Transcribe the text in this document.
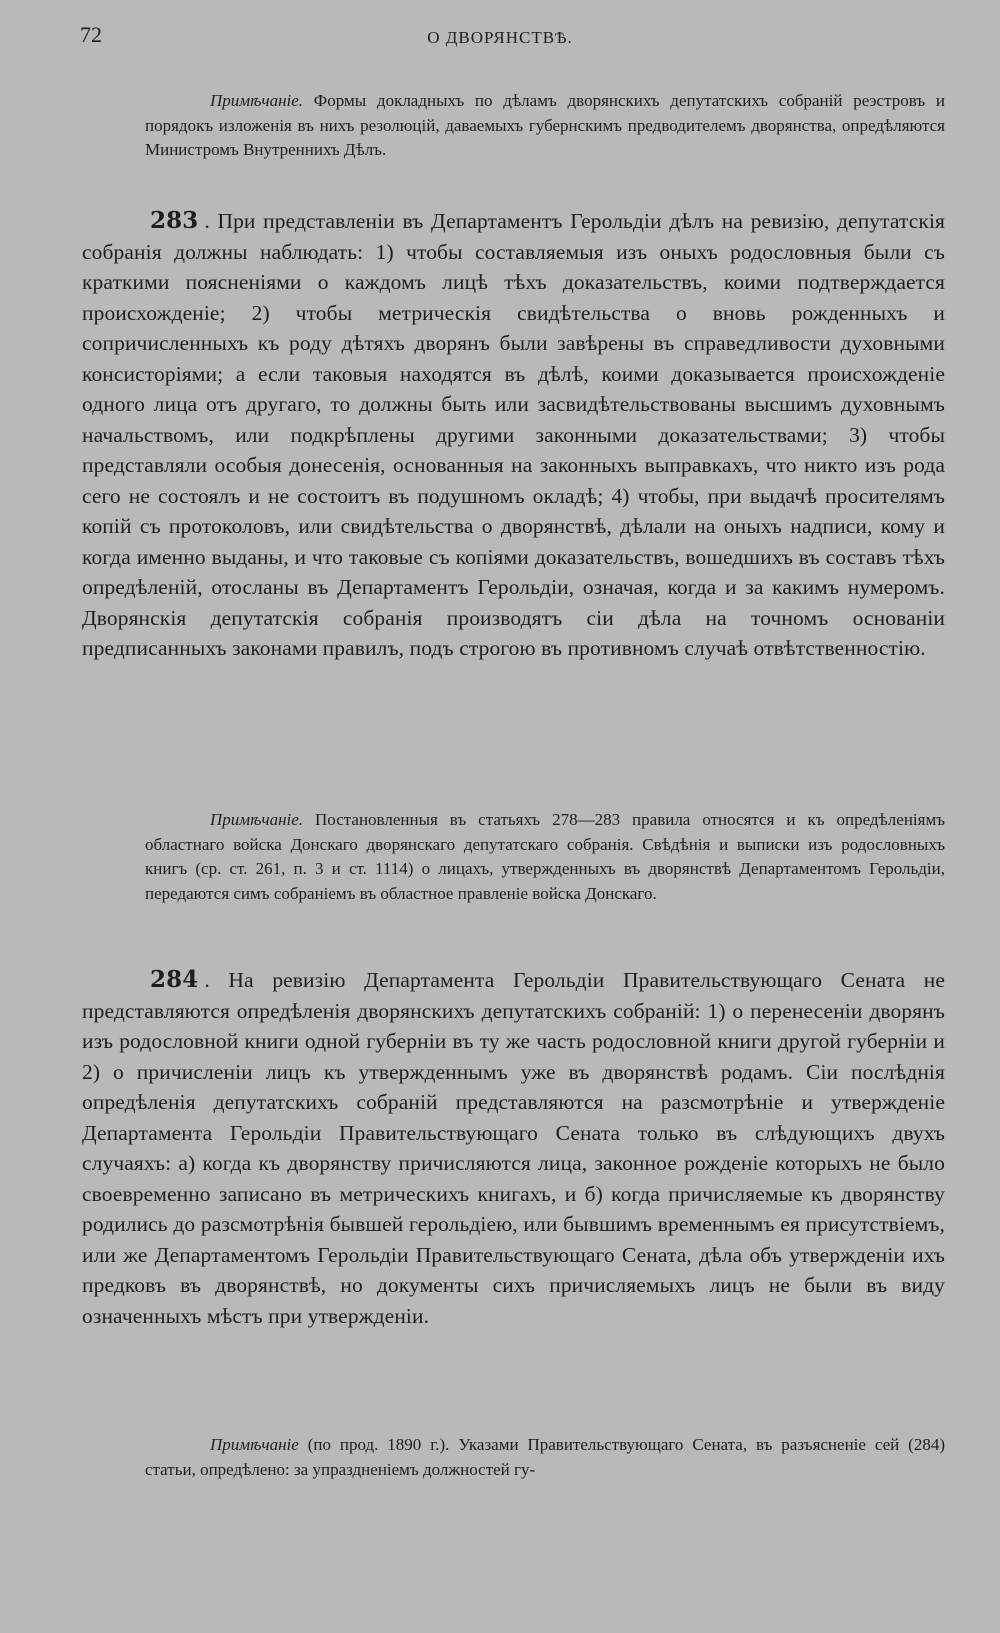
72	О ДВОРЯНСТВѢ.

Примѣчаніе. Формы докладныхъ по дѣламъ дворянскихъ депутатскихъ собраній реэстровъ и порядокъ изложенія въ нихъ резолюцій, даваемыхъ губернскимъ предводителемъ дворянства, опредѣляются Министромъ Внутреннихъ Дѣлъ.

283 . При представленіи въ Департаментъ Герольдіи дѣлъ на ревизію, депутатскія собранія должны наблюдать: 1) чтобы составляемыя изъ оныхъ родословныя были съ краткими поясненіями о каждомъ лицѣ тѣхъ доказательствъ, коими подтверждается происхожденіе; 2) чтобы метрическія свидѣтельства о вновь рожденныхъ и сопричисленныхъ къ роду дѣтяхъ дворянъ были завѣрены въ справедливости духовными консисторіями; а если таковыя находятся въ дѣлѣ, коими доказывается происхожденіе одного лица отъ другаго, то должны быть или засвидѣтельствованы высшимъ духовнымъ начальствомъ, или подкрѣплены другими законными доказательствами; 3) чтобы представляли особыя донесенія, основанныя на законныхъ выправкахъ, что никто изъ рода сего не состоялъ и не состоитъ въ подушномъ окладѣ; 4) чтобы, при выдачѣ просителямъ копій съ протоколовъ, или свидѣтельства о дворянствѣ, дѣлали на оныхъ надписи, кому и когда именно выданы, и что таковые съ копіями доказательствъ, вошедшихъ въ составъ тѣхъ опредѣленій, отосланы въ Департаментъ Герольдіи, означая, когда и за какимъ нумеромъ. Дворянскія депутатскія собранія производятъ сіи дѣла на точномъ основаніи предписанныхъ законами правилъ, подъ строгою въ противномъ случаѣ отвѣтственностію.

Примѣчаніе. Постановленныя въ статьяхъ 278—283 правила относятся и къ опредѣленіямъ областнаго войска Донскаго дворянскаго депутатскаго собранія. Свѣдѣнія и выписки изъ родословныхъ книгъ (ср. ст. 261, п. 3 и ст. 1114) о лицахъ, утвержденныхъ въ дворянствѣ Департаментомъ Герольдіи, передаются симъ собраніемъ въ областное правленіе войска Донскаго.

284 . На ревизію Департамента Герольдіи Правительствующаго Сената не представляются опредѣленія дворянскихъ депутатскихъ собраній: 1) о перенесеніи дворянъ изъ родословной книги одной губерніи въ ту же часть родословной книги другой губерніи и 2) о причисленіи лицъ къ утвержденнымъ уже въ дворянствѣ родамъ. Сіи послѣднія опредѣленія депутатскихъ собраній представляются на разсмотрѣніе и утвержденіе Департамента Герольдіи Правительствующаго Сената только въ слѣдующихъ двухъ случаяхъ: а) когда къ дворянству причисляются лица, законное рожденіе которыхъ не было своевременно записано въ метрическихъ книгахъ, и б) когда причисляемые къ дворянству родились до разсмотрѣнія бывшей герольдіею, или бывшимъ временнымъ ея присутствіемъ, или же Департаментомъ Герольдіи Правительствующаго Сената, дѣла объ утвержденіи ихъ предковъ въ дворянствѣ, но документы сихъ причисляемыхъ лицъ не были въ виду означенныхъ мѣстъ при утвержденіи.

Примѣчаніе (по прод. 1890 г.). Указами Правительствующаго Сената, въ разъясненіе сей (284) статьи, опредѣлено: за упраздненіемъ должностей гу-
